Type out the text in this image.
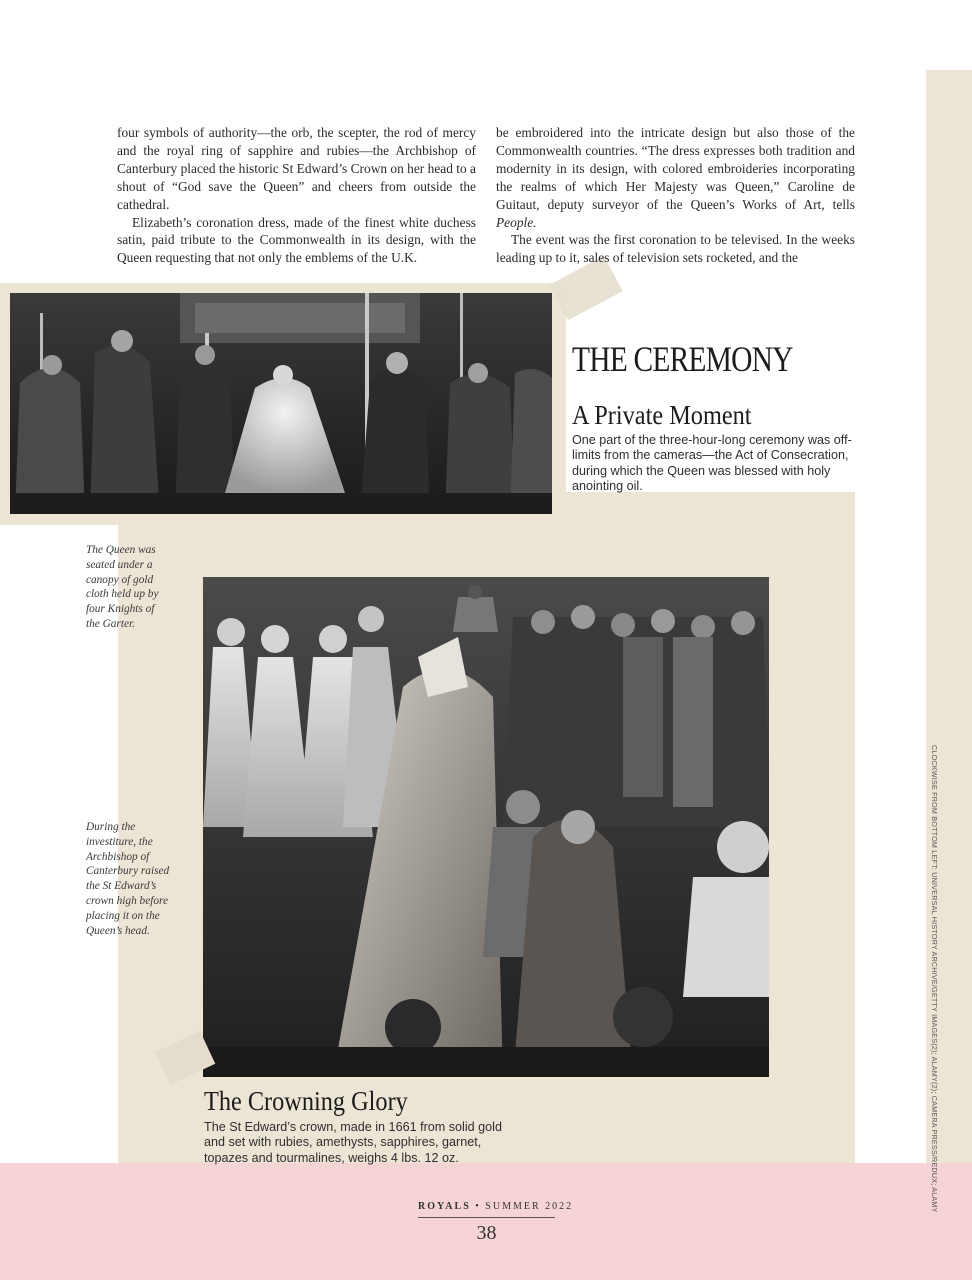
four symbols of authority—the orb, the scepter, the rod of mercy and the royal ring of sapphire and rubies—the Archbishop of Canterbury placed the historic St Edward’s Crown on her head to a shout of “God save the Queen” and cheers from outside the cathedral.

Elizabeth’s coronation dress, made of the finest white duchess satin, paid tribute to the Commonwealth in its design, with the Queen requesting that not only the emblems of the U.K.

be embroidered into the intricate design but also those of the Commonwealth countries. “The dress expresses both tradition and modernity in its design, with colored embroideries incorporating the realms of which Her Majesty was Queen,” Caroline de Guitaut, deputy surveyor of the Queen’s Works of Art, tells People.

The event was the first coronation to be televised. In the weeks leading up to it, sales of television sets rocketed, and the

THE CEREMONY
A Private Moment
One part of the three-hour-long ceremony was off-limits from the cameras—the Act of Consecration, during which the Queen was blessed with holy anointing oil.
The Queen was seated under a canopy of gold cloth held up by four Knights of the Garter.
During the investiture, the Archbishop of Canterbury raised the St Edward’s crown high before placing it on the Queen’s head.
The Crowning Glory
The St Edward’s crown, made in 1661 from solid gold and set with rubies, amethysts, sapphires, garnet, topazes and tourmalines, weighs 4 lbs. 12 oz.	CLOCKWISE FROM BOTTOM LEFT: UNIVERSAL HISTORY ARCHIVE/GETTY IMAGES(2); ALAMY(2); CAMERA PRESS/REDUX; ALAMY
ROYALS • SUMMER 2022
38
